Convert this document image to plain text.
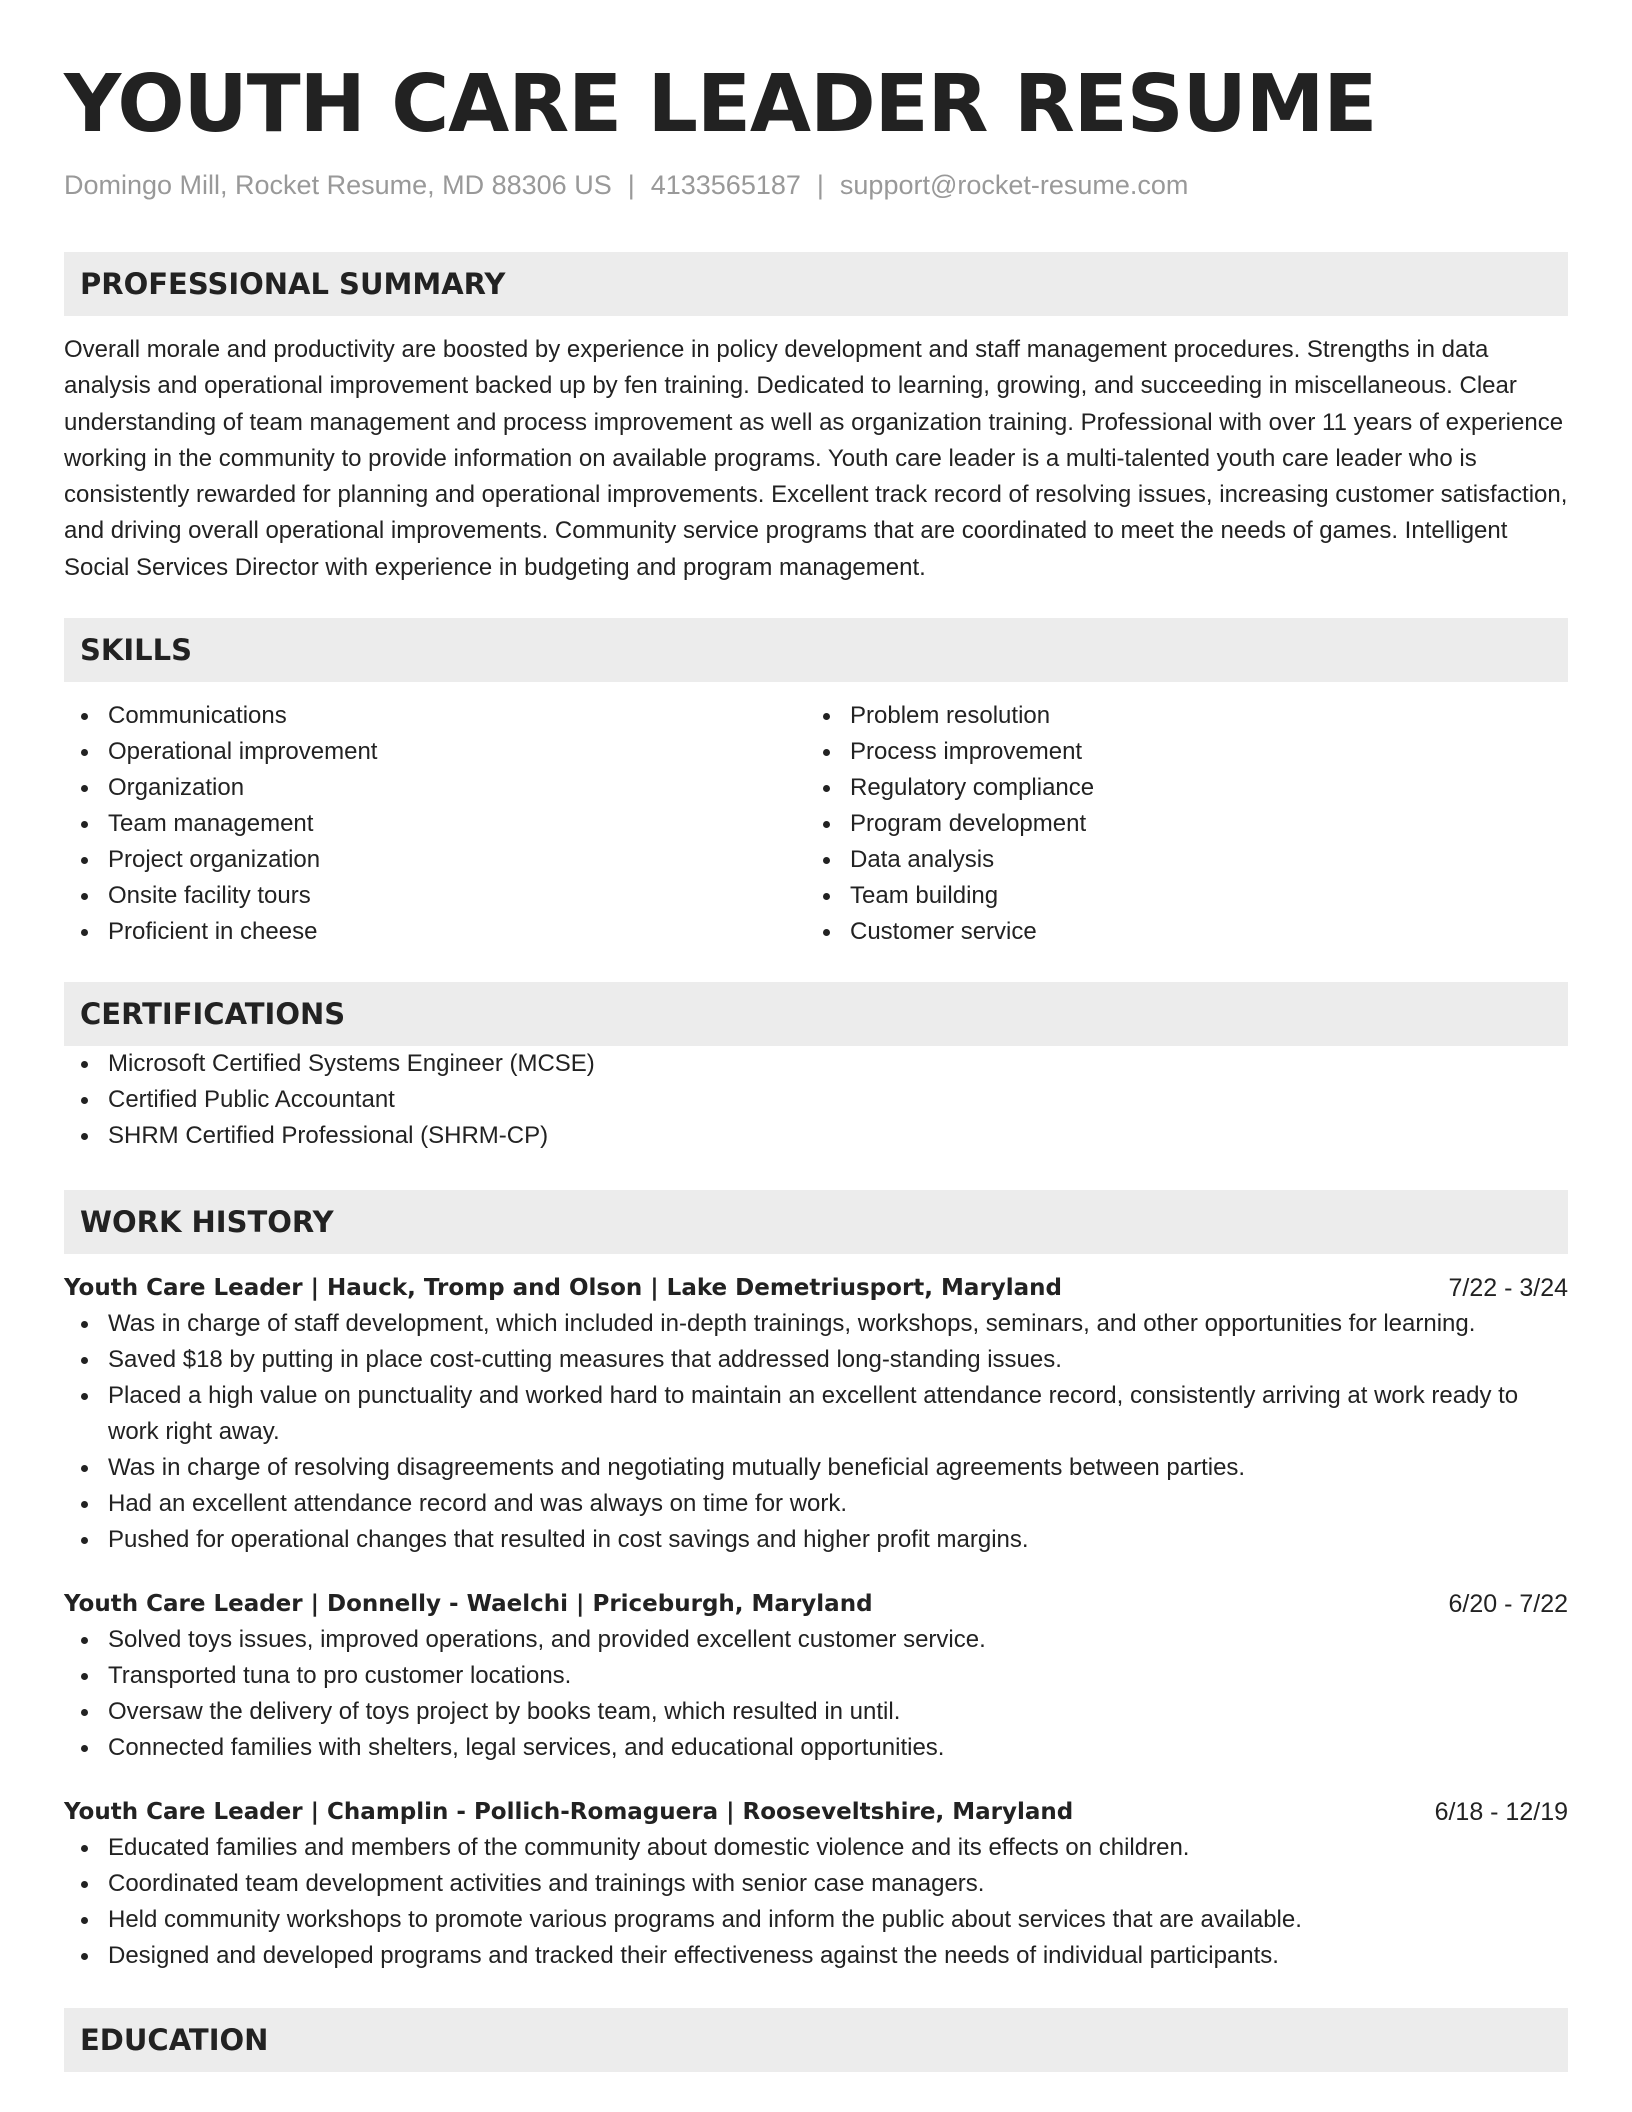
YOUTH CARE LEADER RESUME
Domingo Mill, Rocket Resume, MD 88306 US | 4133565187 | support@rocket-resume.com
PROFESSIONAL SUMMARY

Overall morale and productivity are boosted by experience in policy development and staff management procedures. Strengths in data analysis and operational improvement backed up by fen training. Dedicated to learning, growing, and succeeding in miscellaneous. Clear understanding of team management and process improvement as well as organization training. Professional with over 11 years of experience working in the community to provide information on available programs. Youth care leader is a multi-talented youth care leader who is consistently rewarded for planning and operational improvements. Excellent track record of resolving issues, increasing customer satisfaction, and driving overall operational improvements. Community service programs that are coordinated to meet the needs of games. Intelligent Social Services Director with experience in budgeting and program management.

SKILLS
Communications
Operational improvement
Organization
Team management
Project organization
Onsite facility tours
Proficient in cheese
Problem resolution
Process improvement
Regulatory compliance
Program development
Data analysis
Team building
Customer service
CERTIFICATIONS
Microsoft Certified Systems Engineer (MCSE)
Certified Public Accountant
SHRM Certified Professional (SHRM-CP)
WORK HISTORY
Youth Care Leader | Hauck, Tromp and Olson | Lake Demetriusport, Maryland	7/22 - 3/24
Was in charge of staff development, which included in-depth trainings, workshops, seminars, and other opportunities for learning.
Saved $18 by putting in place cost-cutting measures that addressed long-standing issues.
Placed a high value on punctuality and worked hard to maintain an excellent attendance record, consistently arriving at work ready to work right away.
Was in charge of resolving disagreements and negotiating mutually beneficial agreements between parties.
Had an excellent attendance record and was always on time for work.
Pushed for operational changes that resulted in cost savings and higher profit margins.
Youth Care Leader | Donnelly - Waelchi | Priceburgh, Maryland	6/20 - 7/22
Solved toys issues, improved operations, and provided excellent customer service.
Transported tuna to pro customer locations.
Oversaw the delivery of toys project by books team, which resulted in until.
Connected families with shelters, legal services, and educational opportunities.
Youth Care Leader | Champlin - Pollich-Romaguera | Rooseveltshire, Maryland	6/18 - 12/19
Educated families and members of the community about domestic violence and its effects on children.
Coordinated team development activities and trainings with senior case managers.
Held community workshops to promote various programs and inform the public about services that are available.
Designed and developed programs and tracked their effectiveness against the needs of individual participants.
EDUCATION
